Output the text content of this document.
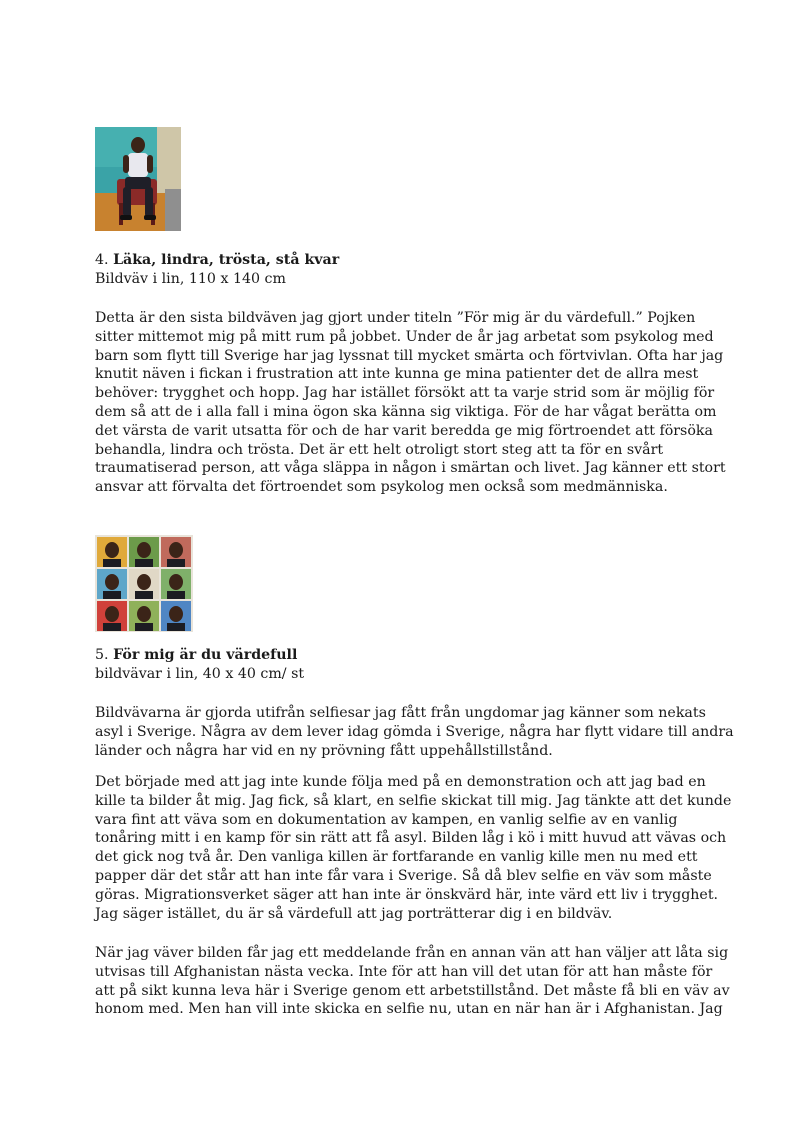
4. Läka, lindra, trösta, stå kvar

Bildväv i lin, 110 x 140 cm

Detta är den sista bildväven jag gjort under titeln ”För mig är du värdefull.” Pojken sitter mittemot mig på mitt rum på jobbet. Under de år jag arbetat som psykolog med barn som flytt till Sverige har jag lyssnat till mycket smärta och förtvivlan. Ofta har jag knutit näven i fickan i frustration att inte kunna ge mina patienter det de allra mest behöver: trygghet och hopp. Jag har istället försökt att ta varje strid som är möjlig för dem så att de i alla fall i mina ögon ska känna sig viktiga. För de har vågat berätta om det värsta de varit utsatta för och de har varit beredda ge mig förtroendet att försöka behandla, lindra och trösta. Det är ett helt otroligt stort steg att ta för en svårt traumatiserad person, att våga släppa in någon i smärtan och livet. Jag känner ett stort ansvar att förvalta det förtroendet som psykolog men också som medmänniska.

5. För mig är du värdefull

bildvävar i lin, 40 x 40 cm/ st

Bildvävarna är gjorda utifrån selfiesar jag fått från ungdomar jag känner som nekats asyl i Sverige. Några av dem lever idag gömda i Sverige, några har flytt vidare till andra länder och några har vid en ny prövning fått uppehållstillstånd.

Det började med att jag inte kunde följa med på en demonstration och att jag bad en kille ta bilder åt mig. Jag fick, så klart, en selfie skickat till mig. Jag tänkte att det kunde vara fint att väva som en dokumentation av kampen, en vanlig selfie av en vanlig tonåring mitt i en kamp för sin rätt att få asyl. Bilden låg i kö i mitt huvud att vävas och det gick nog två år. Den vanliga killen är fortfarande en vanlig kille men nu med ett papper där det står att han inte får vara i Sverige. Så då blev selfie en väv som måste göras. Migrationsverket säger att han inte är önskvärd här, inte värd ett liv i trygghet. Jag säger istället, du är så värdefull att jag porträtterar dig i en bildväv.

När jag väver bilden får jag ett meddelande från en annan vän att han väljer att låta sig utvisas till Afghanistan nästa vecka. Inte för att han vill det utan för att han måste för att på sikt kunna leva här i Sverige genom ett arbetstillstånd. Det måste få bli en väv av honom med. Men han vill inte skicka en selfie nu, utan en när han är i Afghanistan. Jag
